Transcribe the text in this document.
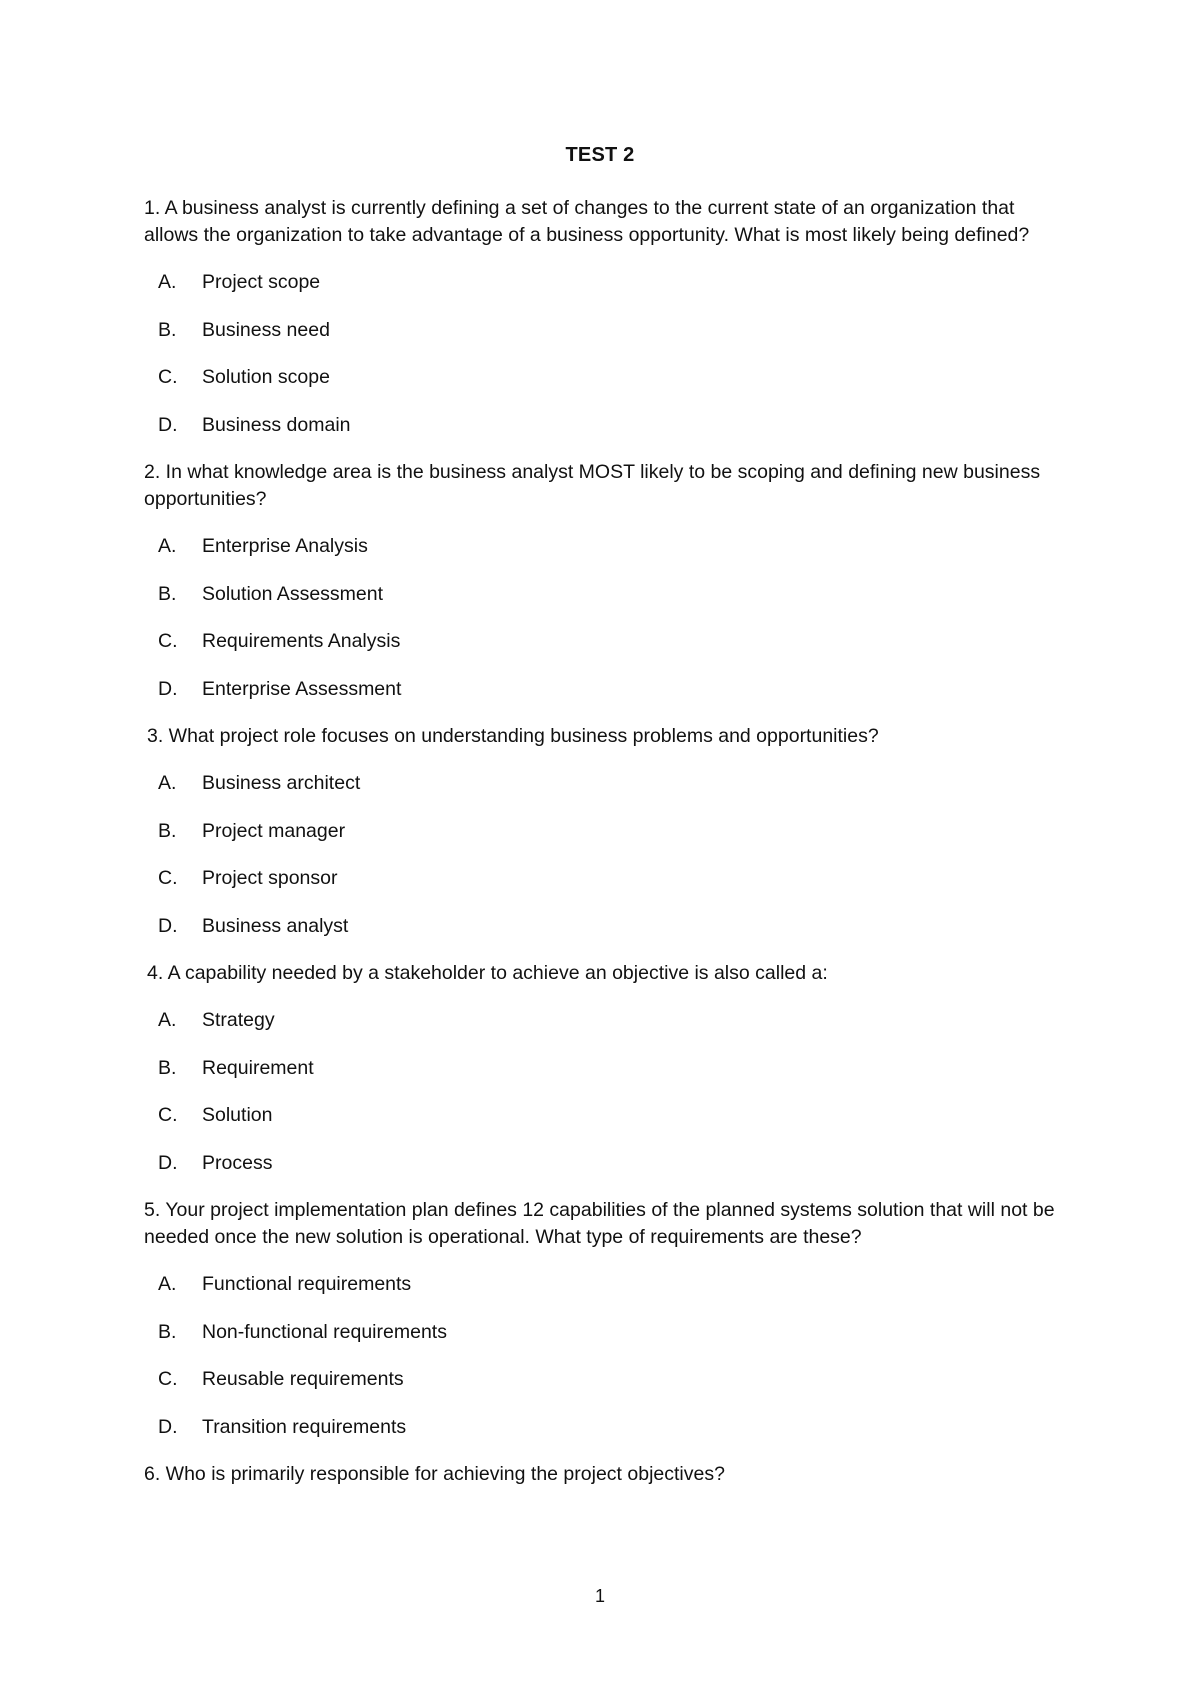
TEST 2

1. A business analyst is currently defining a set of changes to the current state of an organization that allows the organization to take advantage of a business opportunity. What is most likely being defined?

A.	Project scope
B.	Business need
C.	Solution scope
D.	Business domain

2. In what knowledge area is the business analyst MOST likely to be scoping and defining new business opportunities?

A.	Enterprise Analysis
B.	Solution Assessment
C.	Requirements Analysis
D.	Enterprise Assessment

3. What project role focuses on understanding business problems and opportunities?

A.	Business architect
B.	Project manager
C.	Project sponsor
D.	Business analyst

4. A capability needed by a stakeholder to achieve an objective is also called a:

A.	Strategy
B.	Requirement
C.	Solution
D.	Process

5. Your project implementation plan defines 12 capabilities of the planned systems solution that will not be needed once the new solution is operational. What type of requirements are these?

A.	Functional requirements
B.	Non-functional requirements
C.	Reusable requirements
D.	Transition requirements

6. Who is primarily responsible for achieving the project objectives?

1
